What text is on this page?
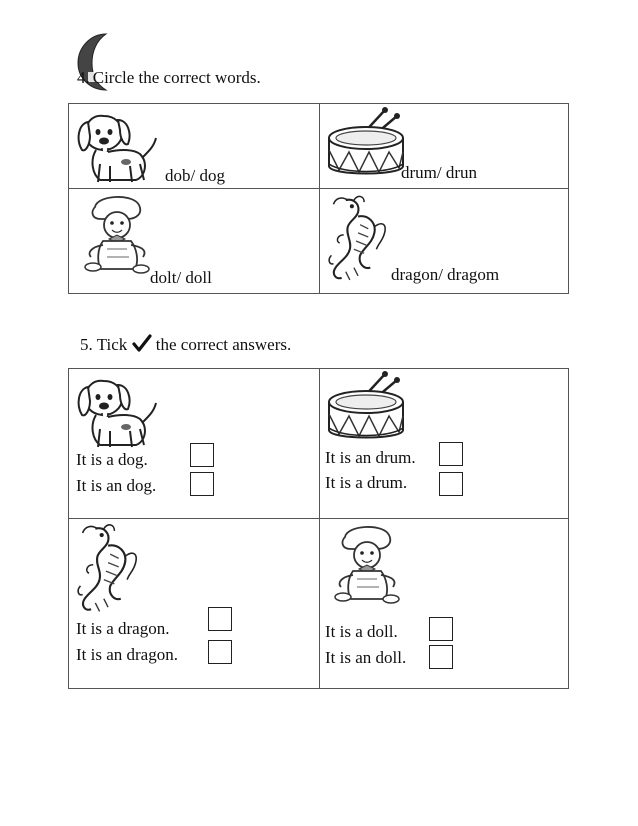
4. Circle the correct words.
dob/ dog	drum/ drun
dolt/ doll	dragon/ dragom
5. Tick the correct answers.
It is a dog.
It is an dog.
It is an drum.
It is a drum.
It is a dragon.
It is an dragon.
It is a doll.
It is an doll.
